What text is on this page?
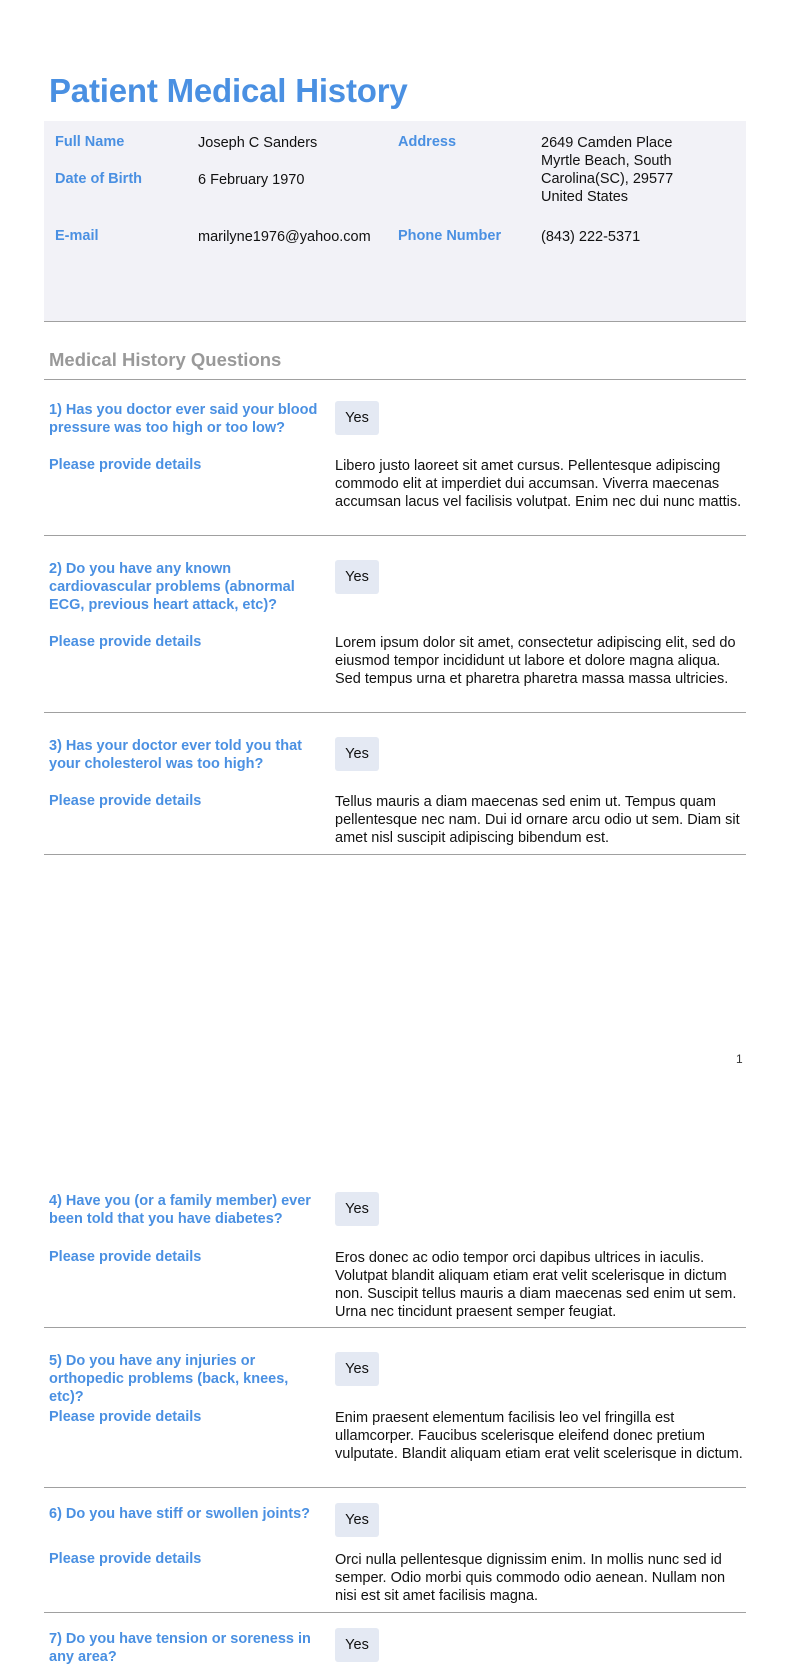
Patient Medical History
Full Name	Joseph C Sanders
Date of Birth	6 February 1970
E-mail	marilyne1976@yahoo.com
Address	2649 Camden Place
Myrtle Beach, South
Carolina(SC), 29577
United States
Phone Number	(843) 222-5371
Medical History Questions
1) Has you doctor ever said your blood pressure was too high or too low?
Yes
Please provide details	Libero justo laoreet sit amet cursus. Pellentesque adipiscing commodo elit at imperdiet dui accumsan. Viverra maecenas accumsan lacus vel facilisis volutpat. Enim nec dui nunc mattis.
2) Do you have any known cardiovascular problems (abnormal ECG, previous heart attack, etc)?
Yes
Please provide details	Lorem ipsum dolor sit amet, consectetur adipiscing elit, sed do eiusmod tempor incididunt ut labore et dolore magna aliqua. Sed tempus urna et pharetra pharetra massa massa ultricies.
3) Has your doctor ever told you that your cholesterol was too high?
Yes
Please provide details	Tellus mauris a diam maecenas sed enim ut. Tempus quam pellentesque nec nam. Dui id ornare arcu odio ut sem. Diam sit amet nisl suscipit adipiscing bibendum est.
1
4) Have you (or a family member) ever been told that you have diabetes?
Yes
Please provide details	Eros donec ac odio tempor orci dapibus ultrices in iaculis. Volutpat blandit aliquam etiam erat velit scelerisque in dictum non. Suscipit tellus mauris a diam maecenas sed enim ut sem. Urna nec tincidunt praesent semper feugiat.
5) Do you have any injuries or orthopedic problems (back, knees, etc)?
Yes
Please provide details	Enim praesent elementum facilisis leo vel fringilla est ullamcorper. Faucibus scelerisque eleifend donec pretium vulputate. Blandit aliquam etiam erat velit scelerisque in dictum.
6) Do you have stiff or swollen joints?	Yes
Please provide details	Orci nulla pellentesque dignissim enim. In mollis nunc sed id semper. Odio morbi quis commodo odio aenean. Nullam non nisi est sit amet facilisis magna.
7) Do you have tension or soreness in any area?
Yes
